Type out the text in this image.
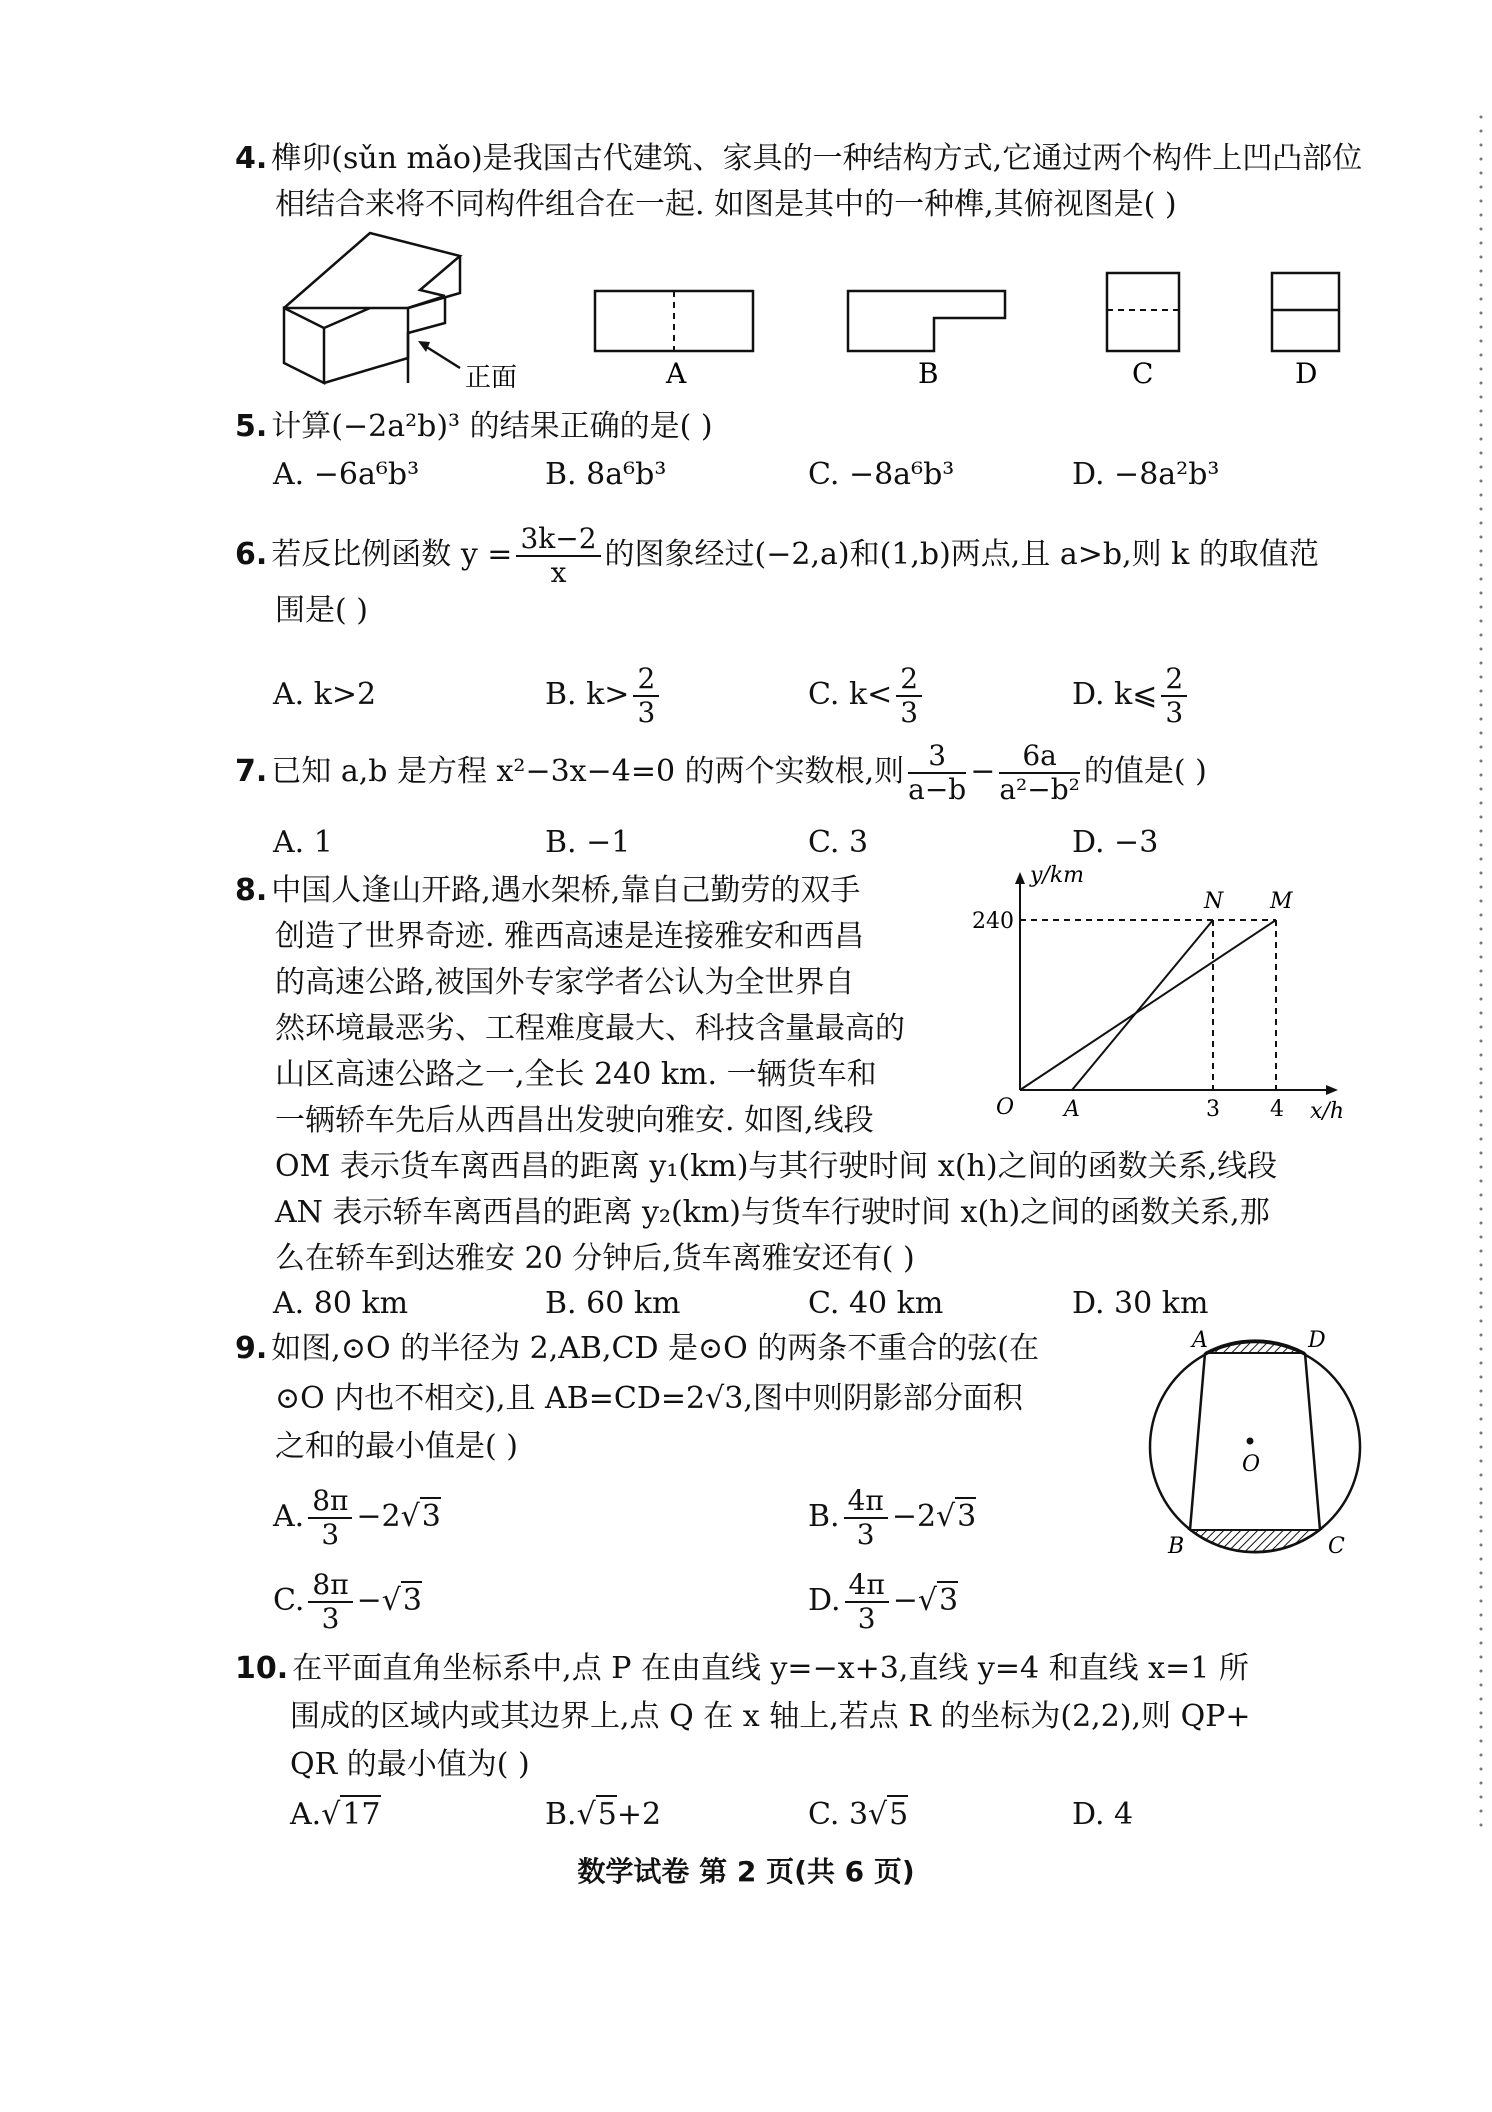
4. 榫卯(sǔn mǎo)是我国古代建筑、家具的一种结构方式,它通过两个构件上凹凸部位
相结合来将不同构件组合在一起. 如图是其中的一种榫,其俯视图是( )
正面	A	B	C	D
5. 计算(−2a²b)³ 的结果正确的是( )
A. −6a⁶b³	B. 8a⁶b³	C. −8a⁶b³	D. −8a²b³
6. 若反比例函数 $y = \frac{3k-2}{x}$ 的图象经过(−2,a)和(1,b)两点,且 a>b,则 k 的取值范
围是( )
A. k>2	B. $k> \frac{2}{3}$	C. $k< \frac{2}{3}$	D. k⩽ $\frac{2}{3}$
7. 已知 a,b 是方程 x²−3x−4=0 的两个实数根,则 $\frac{3}{a-b} - \frac{6a}{\text{a²−b²}}$ 的值是( )
A. 1	B. −1	C. 3	D. −3
8. 中国人逢山开路,遇水架桥,靠自己勤劳的双手
创造了世界奇迹. 雅西高速是连接雅安和西昌
的高速公路,被国外专家学者公认为全世界自
然环境最恶劣、工程难度最大、科技含量最高的
山区高速公路之一,全长 240 km. 一辆货车和
一辆轿车先后从西昌出发驶向雅安. 如图,线段
OM 表示货车离西昌的距离 y₁(km)与其行驶时间 x(h)之间的函数关系,线段
AN 表示轿车离西昌的距离 y₂(km)与货车行驶时间 x(h)之间的函数关系,那
么在轿车到达雅安 20 分钟后,货车离雅安还有( )
A. 80 km	B. 60 km	C. 40 km	D. 30 km
y/km
x/h
240
3 4
O A
N M
9. 如图,⊙O 的半径为 2,AB,CD 是⊙O 的两条不重合的弦(在
⊙O 内也不相交),且 AB=CD=2√3,图中则阴影部分面积
之和的最小值是( )
A. $\frac{8\pi}{3} -2√3$	B. $\frac{4\pi}{3} -2√3$
C. $\frac{8\pi}{3} -√3$	D. $\frac{4\pi}{3} -√3$
O
A	D
B	C
10. 在平面直角坐标系中,点 P 在由直线 y=−x+3,直线 y=4 和直线 x=1 所
围成的区域内或其边界上,点 Q 在 x 轴上,若点 R 的坐标为(2,2),则 QP+
QR 的最小值为( )
A.√17	B.√5+2	C. 3√5	D. 4
数学试卷 第 2 页(共 6 页)
